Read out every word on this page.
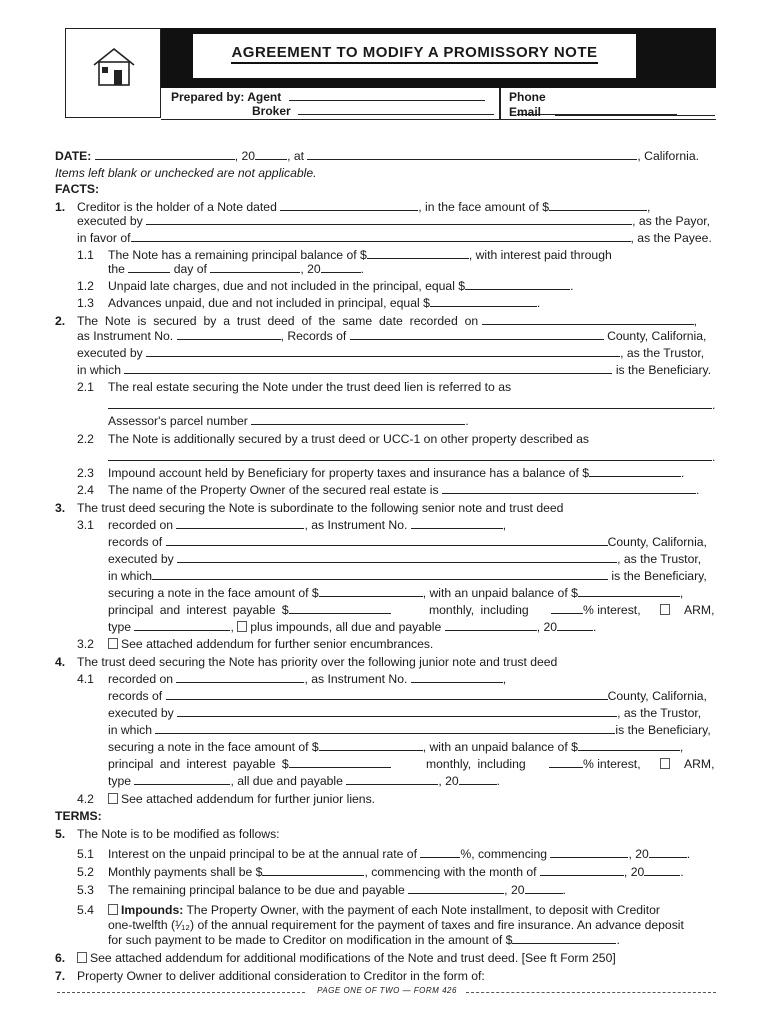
AGREEMENT TO MODIFY A PROMISSORY NOTE
Prepared by: Agent
Broker
Phone
Email
DATE:	, 20	, at	, California.
Items left blank or unchecked are not applicable.
FACTS:
1. Creditor is the holder of a Note dated	, in the face amount of $	,
executed by	, as the Payor,
in favor of	, as the Payee.
1.1 The Note has a remaining principal balance of $	, with interest paid through
the	day of	, 20	.
1.2 Unpaid late charges, due and not included in the principal, equal $	.
1.3 Advances unpaid, due and not included in principal, equal $	.
2. The Note is secured by a trust deed of the same date recorded on	,
as Instrument No.	, Records of	County, California,
executed by	, as the Trustor,
in which	is the Beneficiary.
2.1 The real estate securing the Note under the trust deed lien is referred to as
.
Assessor's parcel number	.
2.2 The Note is additionally secured by a trust deed or UCC-1 on other property described as
.
2.3 Impound account held by Beneficiary for property taxes and insurance has a balance of $	.
2.4 The name of the Property Owner of the secured real estate is	.
3. The trust deed securing the Note is subordinate to the following senior note and trust deed
3.1 recorded on	, as Instrument No.	,
records of	County, California,
executed by	, as the Trustor,
in which	is the Beneficiary,
securing a note in the face amount of $	, with an unpaid balance of $	,
principal and interest payable $	monthly, including	% interest,	ARM,
type	, plus impounds, all due and payable	, 20	.
3.2	See attached addendum for further senior encumbrances.
4. The trust deed securing the Note has priority over the following junior note and trust deed
4.1 recorded on	, as Instrument No.	,
records of	County, California,
executed by	, as the Trustor,
in which	is the Beneficiary,
securing a note in the face amount of $	, with an unpaid balance of $	,
principal and interest payable $	monthly, including	% interest,	ARM,
type	, all due and payable	, 20	.
4.2	See attached addendum for further junior liens.
TERMS:
5. The Note is to be modified as follows:
5.1 Interest on the unpaid principal to be at the annual rate of	%, commencing	, 20	.
5.2 Monthly payments shall be $	, commencing with the month of	, 20	.
5.3 The remaining principal balance to be due and payable	, 20	.
5.4	Impounds: The Property Owner, with the payment of each Note installment, to deposit with Creditor
one-twelfth (¹⁄₁₂) of the annual requirement for the payment of taxes and fire insurance. An advance deposit
for such payment to be made to Creditor on modification in the amount of $	.
6.	See attached addendum for additional modifications of the Note and trust deed. [See ft Form 250]
7. Property Owner to deliver additional consideration to Creditor in the form of:
PAGE ONE OF TWO — FORM 426
